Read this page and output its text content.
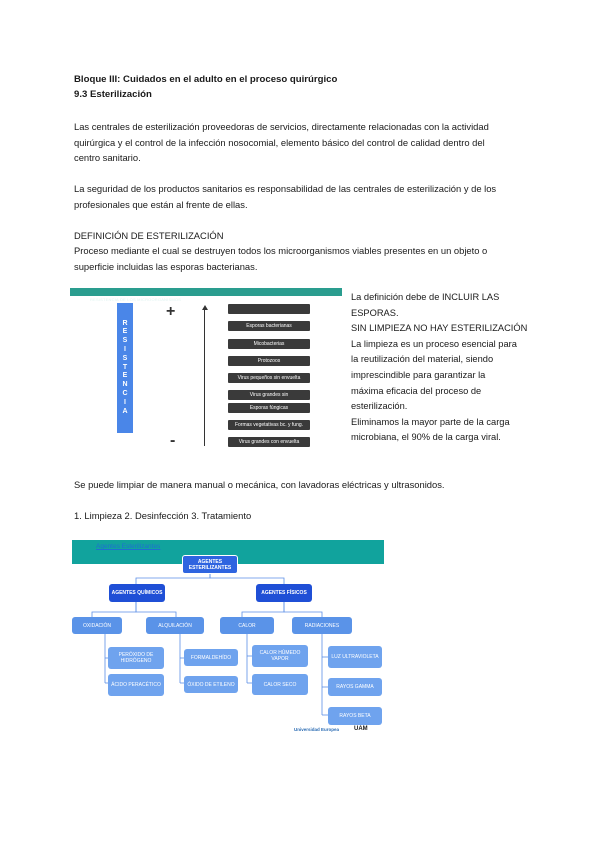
Bloque III: Cuidados en el adulto en el proceso quirúrgico
9.3 Esterilización
Las centrales de esterilización proveedoras de servicios, directamente relacionadas con la actividad
quirúrgica y el control de la infección nosocomial, elemento básico del control de calidad dentro del
centro sanitario.
La seguridad de los productos sanitarios es responsabilidad de las centrales de esterilización y de los
profesionales que están al frente de ellas.
DEFINICIÓN DE ESTERILIZACIÓN
Proceso mediante el cual se destruyen todos los microorganismos viables presentes en un objeto o
superficie incluidas las esporas bacterianas.
RESISTENCIA DE LOS MICROORGANISMOS
R
E
S
I
S
T
E
N
C
I
A
+
-
Esporas bacterianas
Micobacterias
Protozoos
Virus pequeños sin envuelta
Virus grandes sin
Esporas fúngicas
Formas vegetativas bc. y fung.
Virus grandes con envuelta
La definición debe de INCLUIR LAS
ESPORAS.
SIN LIMPIEZA NO HAY ESTERILIZACIÓN
La limpieza es un proceso esencial para
la reutilización del material, siendo
imprescindible para garantizar la
máxima eficacia del proceso de
esterilización.
Eliminamos la mayor parte de la carga
microbiana, el 90% de la carga viral.
Se puede limpiar de manera manual o mecánica, con lavadoras eléctricas y ultrasonidos.
1. Limpieza 2. Desinfección 3. Tratamiento
Agentes Esterilizantes
AGENTES ESTERILIZANTES
AGENTES QUÍMICOS	AGENTES FÍSICOS
OXIDACIÓN	ALQUILACIÓN	CALOR	RADIACIONES
PERÓXIDO DE HIDRÓGENO
ÁCIDO PERACÉTICO
FORMALDEHÍDO
ÓXIDO DE ETILENO
CALOR HÚMEDO VAPOR
CALOR SECO
LUZ ULTRAVIOLETA
RAYOS GAMMA
RAYOS BETA
Universidad Europea UAM
